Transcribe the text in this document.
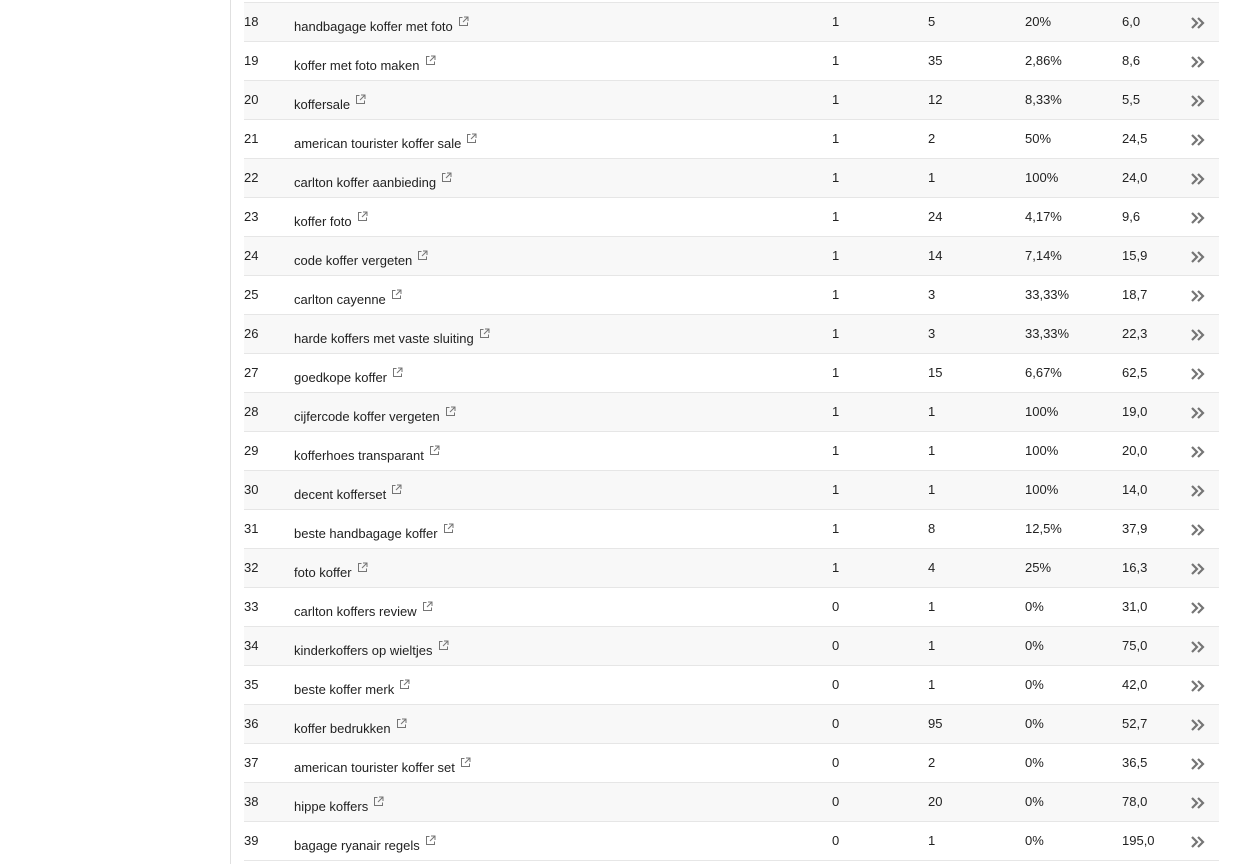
18	handbagage koffer met foto	1	5	20%	6,0
19	koffer met foto maken	1	35	2,86%	8,6
20	koffersale	1	12	8,33%	5,5
21	american tourister koffer sale	1	2	50%	24,5
22	carlton koffer aanbieding	1	1	100%	24,0
23	koffer foto	1	24	4,17%	9,6
24	code koffer vergeten	1	14	7,14%	15,9
25	carlton cayenne	1	3	33,33%	18,7
26	harde koffers met vaste sluiting	1	3	33,33%	22,3
27	goedkope koffer	1	15	6,67%	62,5
28	cijfercode koffer vergeten	1	1	100%	19,0
29	kofferhoes transparant	1	1	100%	20,0
30	decent kofferset	1	1	100%	14,0
31	beste handbagage koffer	1	8	12,5%	37,9
32	foto koffer	1	4	25%	16,3
33	carlton koffers review	0	1	0%	31,0
34	kinderkoffers op wieltjes	0	1	0%	75,0
35	beste koffer merk	0	1	0%	42,0
36	koffer bedrukken	0	95	0%	52,7
37	american tourister koffer set	0	2	0%	36,5
38	hippe koffers	0	20	0%	78,0
39	bagage ryanair regels	0	1	0%	195,0
